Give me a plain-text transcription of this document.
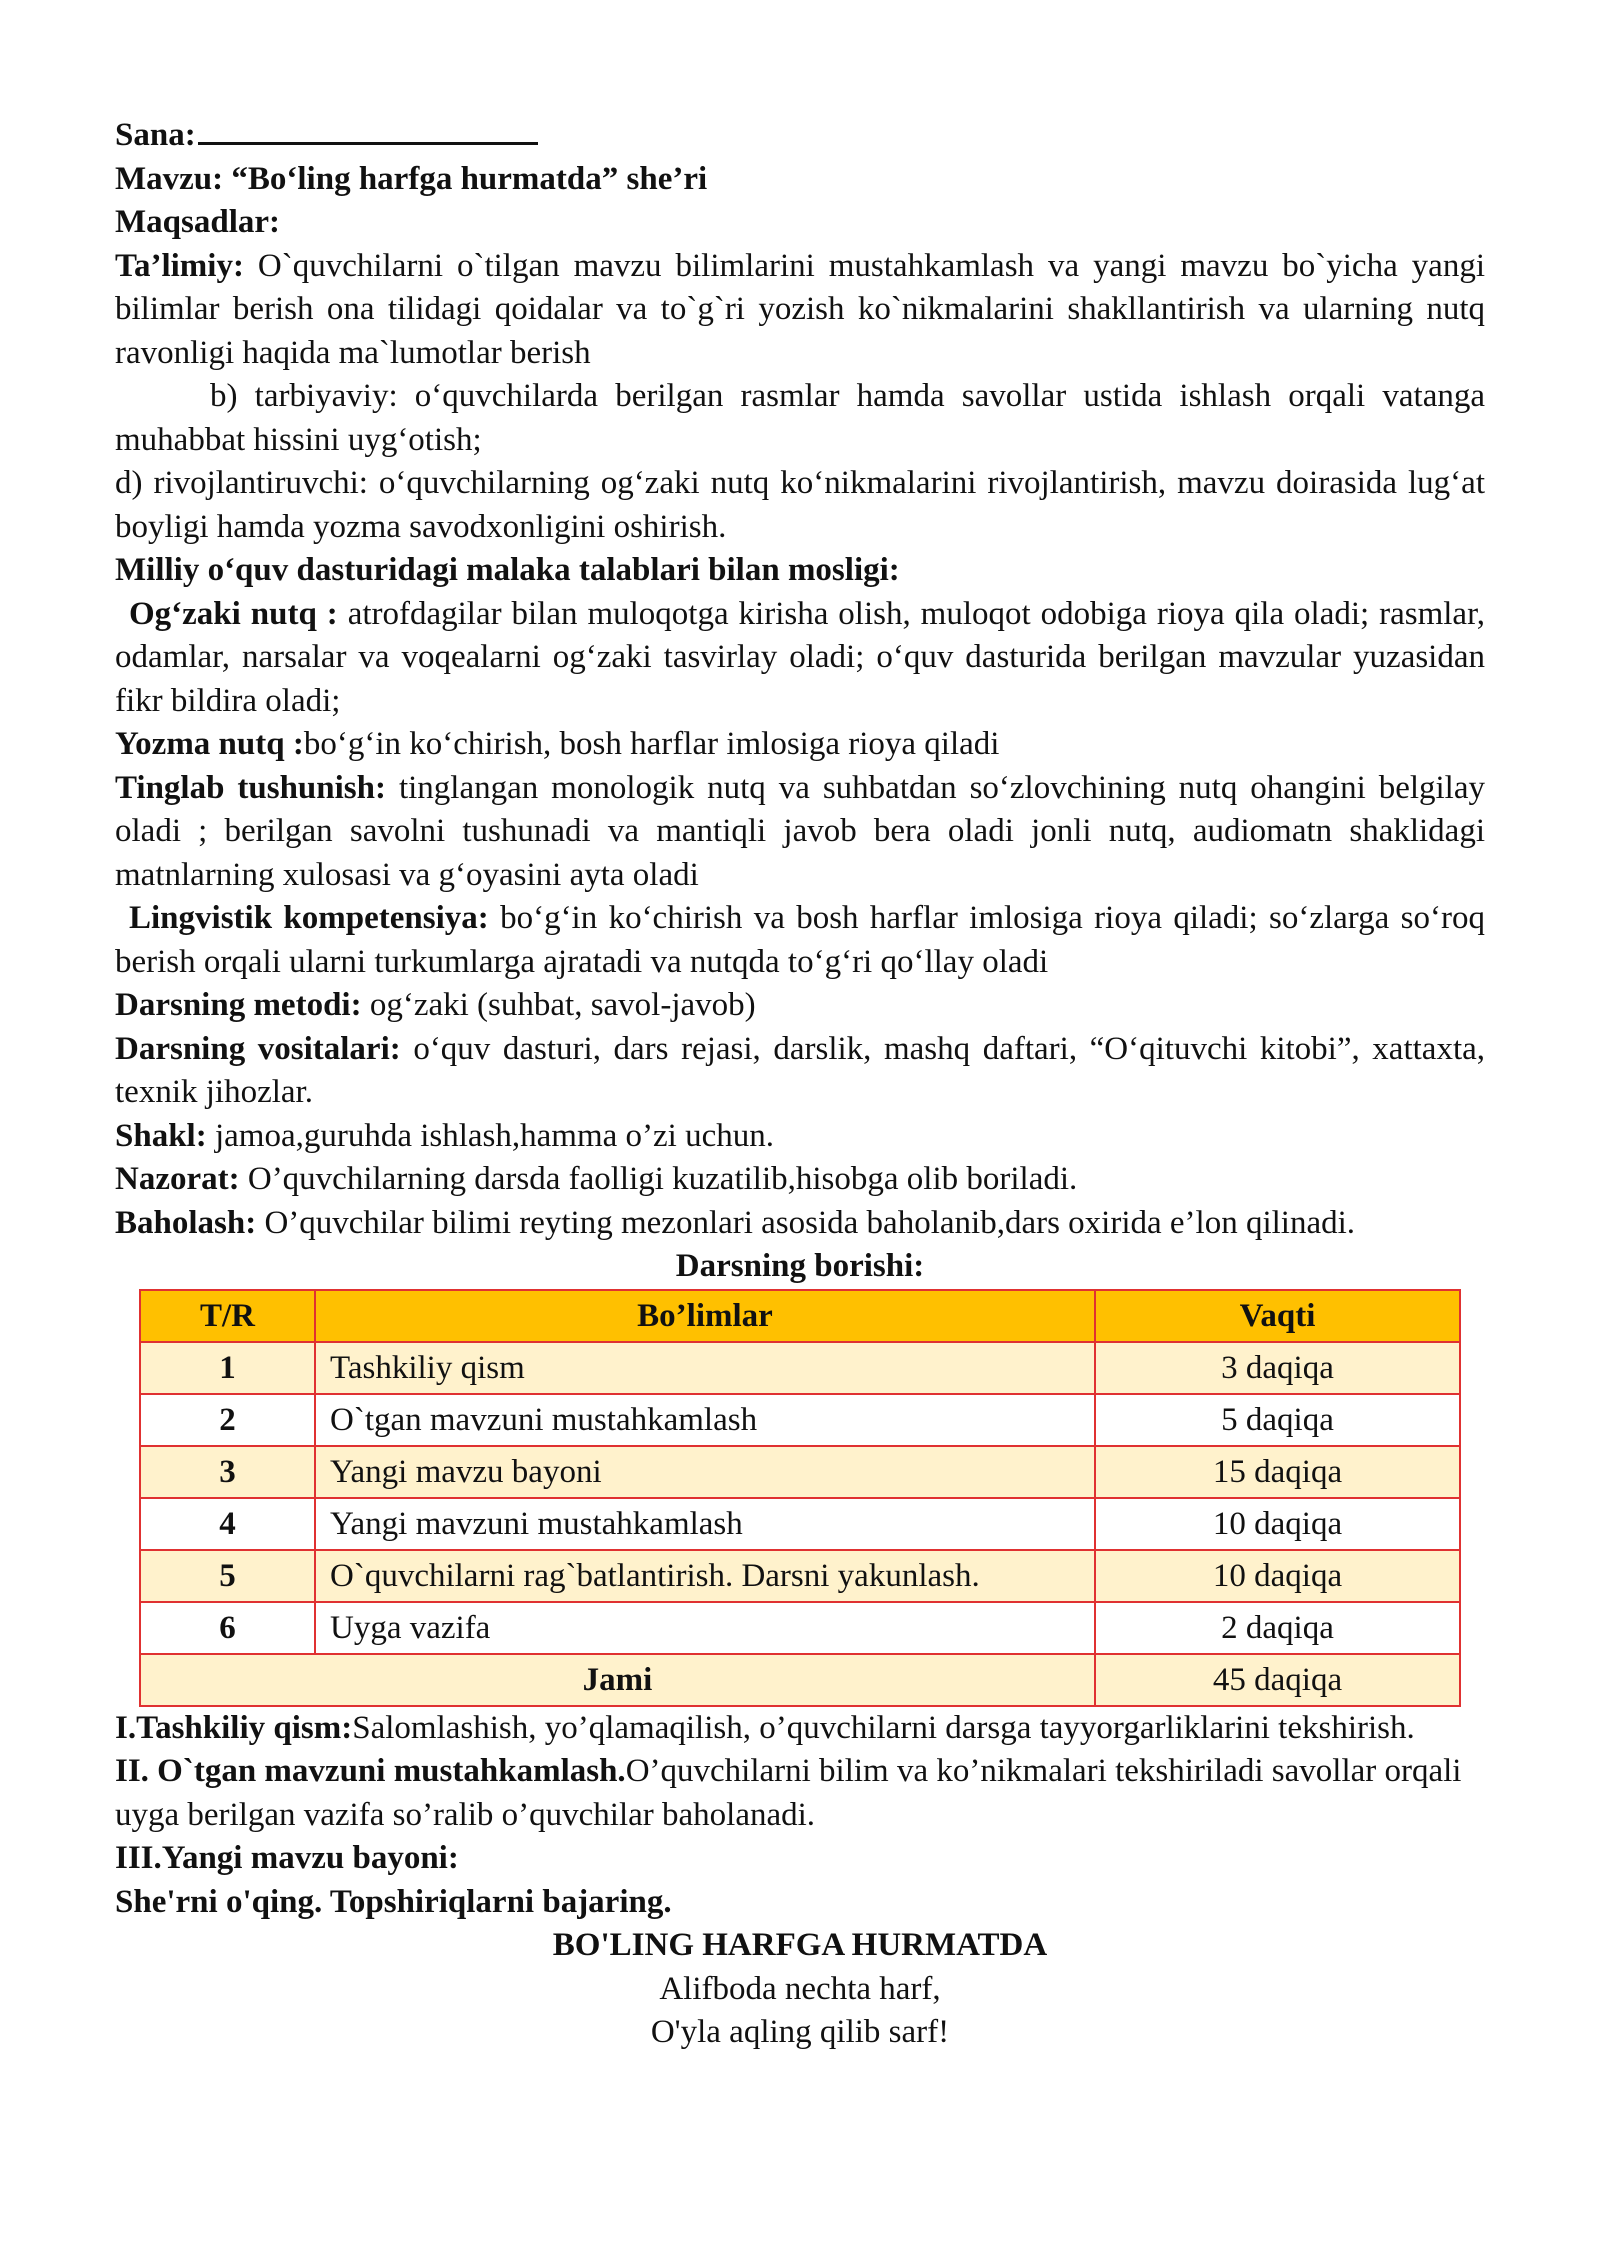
Sana:

Mavzu: “Bo‘ling harfga hurmatda” she’ri

Maqsadlar:

Ta’limiy: O`quvchilarni o`tilgan mavzu bilimlarini mustahkamlash va yangi mavzu bo`yicha yangi bilimlar berish ona tilidagi qoidalar va to`g`ri yozish ko`nikmalarini shakllantirish va ularning nutq ravonligi haqida ma`lumotlar berish

b) tarbiyaviy: o‘quvchilarda berilgan rasmlar hamda savollar ustida ishlash orqali vatanga muhabbat hissini uyg‘otish;

d) rivojlantiruvchi: o‘quvchilarning og‘zaki nutq ko‘nikmalarini rivojlantirish, mavzu doirasida lug‘at boyligi hamda yozma savodxonligini oshirish.

Milliy o‘quv dasturidagi malaka talablari bilan mosligi:

Og‘zaki nutq : atrofdagilar bilan muloqotga kirisha olish, muloqot odobiga rioya qila oladi; rasmlar, odamlar, narsalar va voqealarni og‘zaki tasvirlay oladi; o‘quv dasturida berilgan mavzular yuzasidan fikr bildira oladi;

Yozma nutq :bo‘g‘in ko‘chirish, bosh harflar imlosiga rioya qiladi

Tinglab tushunish: tinglangan monologik nutq va suhbatdan so‘zlovchining nutq ohangini belgilay oladi ; berilgan savolni tushunadi va mantiqli javob bera oladi jonli nutq, audiomatn shaklidagi matnlarning xulosasi va g‘oyasini ayta oladi

Lingvistik kompetensiya: bo‘g‘in ko‘chirish va bosh harflar imlosiga rioya qiladi; so‘zlarga so‘roq berish orqali ularni turkumlarga ajratadi va nutqda to‘g‘ri qo‘llay oladi

Darsning metodi: og‘zaki (suhbat, savol-javob)

Darsning vositalari: o‘quv dasturi, dars rejasi, darslik, mashq daftari, “O‘qituvchi kitobi”, xattaxta, texnik jihozlar.

Shakl: jamoa,guruhda ishlash,hamma o’zi uchun.

Nazorat: O’quvchilarning darsda faolligi kuzatilib,hisobga olib boriladi.

Baholash: O’quvchilar bilimi reyting mezonlari asosida baholanib,dars oxirida e’lon qilinadi.

Darsning borishi:

T/R	Bo’limlar	Vaqti
1	Tashkiliy qism	3 daqiqa
2	O`tgan mavzuni mustahkamlash	5 daqiqa
3	Yangi mavzu bayoni	15 daqiqa
4	Yangi mavzuni mustahkamlash	10 daqiqa
5	O`quvchilarni rag`batlantirish. Darsni yakunlash.	10 daqiqa
6	Uyga vazifa	2 daqiqa
Jami		45 daqiqa

I.Tashkiliy qism:Salomlashish, yo’qlamaqilish, o’quvchilarni darsga tayyorgarliklarini tekshirish.

II. O`tgan mavzuni mustahkamlash.O’quvchilarni bilim va ko’nikmalari tekshiriladi savollar orqali uyga berilgan vazifa so’ralib o’quvchilar baholanadi.

III.Yangi mavzu bayoni:

She'rni o'qing. Topshiriqlarni bajaring.

BO'LING HARFGA HURMATDA

Alifboda nechta harf,

O'yla aqling qilib sarf!
